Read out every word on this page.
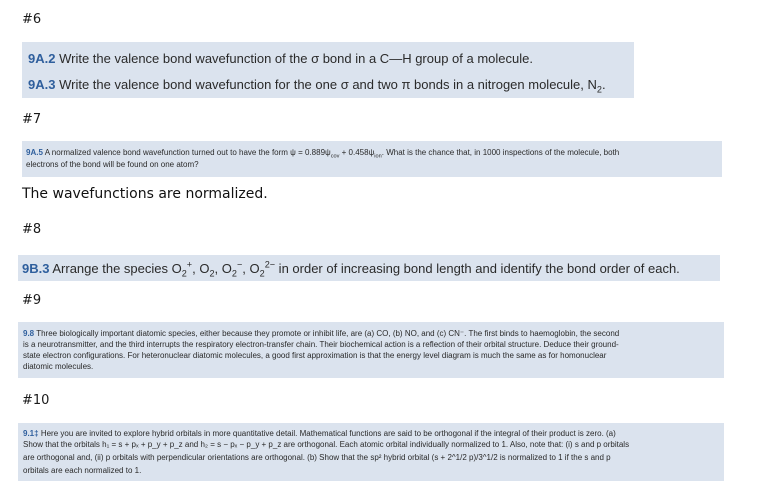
#6
9A.2 Write the valence bond wavefunction of the σ bond in a C—H group of a molecule.
9A.3 Write the valence bond wavefunction for the one σ and two π bonds in a nitrogen molecule, $N_2$.
#7
9A.5 A normalized valence bond wavefunction turned out to have the form $\psi = 0.889\psi_{cov} + 0.458\psi_{ion}$. What is the chance that, in 1000 inspections of the molecule, both
electrons of the bond will be found on one atom?
The wavefunctions are normalized.
#8
9B.3 Arrange the species $O_2^+$, $O_2$, $O_2^-$, $O_2^{2-}$ in order of increasing bond length and identify the bond order of each.
#9
9.8 Three biologically important diatomic species, either because they promote or inhibit life, are (a) CO, (b) NO, and (c) CN⁻. The first binds to haemoglobin, the second
is a neurotransmitter, and the third interrupts the respiratory electron-transfer chain. Their biochemical action is a reflection of their orbital structure. Deduce their ground-
state electron configurations. For heteronuclear diatomic molecules, a good first approximation is that the energy level diagram is much the same as for homonuclear
diatomic molecules.
#10
9.1‡ Here you are invited to explore hybrid orbitals in more quantitative detail. Mathematical functions are said to be orthogonal if the integral of their product is zero. (a)
Show that the orbitals h₁ = s + pₓ + p_y + p_z and h₂ = s − pₓ − p_y + p_z are orthogonal. Each atomic orbital individually normalized to 1. Also, note that: (i) s and p orbitals
are orthogonal and, (ii) p orbitals with perpendicular orientations are orthogonal. (b) Show that the sp² hybrid orbital (s + 2^1/2 p)/3^1/2 is normalized to 1 if the s and p
orbitals are each normalized to 1.
